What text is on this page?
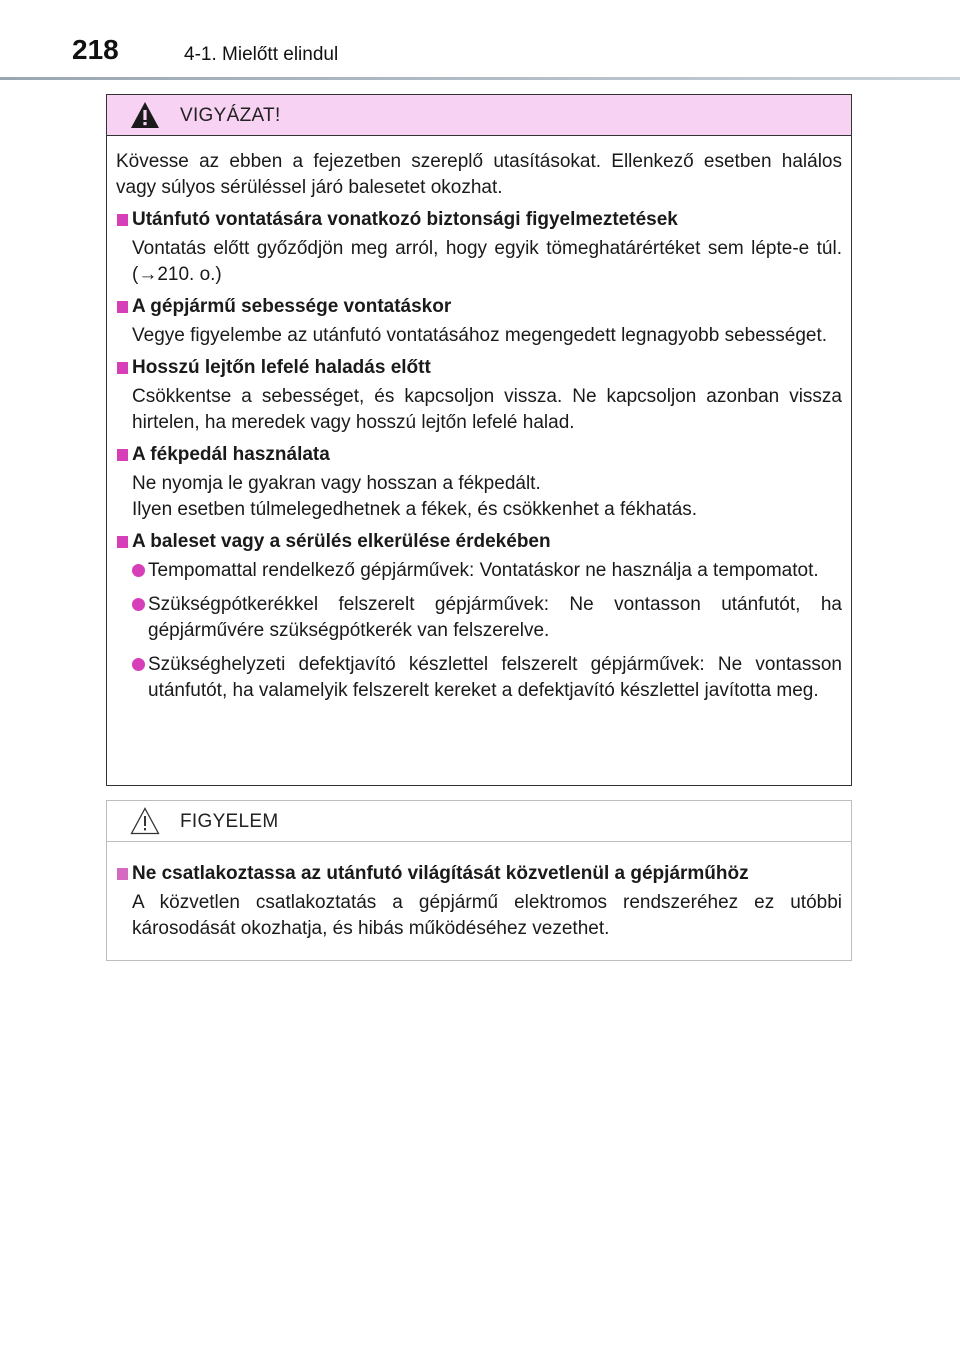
218	4-1. Mielőtt elindul
VIGYÁZAT!

Kövesse az ebben a fejezetben szereplő utasításokat. Ellenkező esetben halálos vagy súlyos sérüléssel járó balesetet okozhat.

Utánfutó vontatására vonatkozó biztonsági figyelmeztetések

Vontatás előtt győződjön meg arról, hogy egyik tömeghatárértéket sem lépte-e túl. (→210. o.)

A gépjármű sebessége vontatáskor

Vegye figyelembe az utánfutó vontatásához megengedett legnagyobb sebességet.

Hosszú lejtőn lefelé haladás előtt

Csökkentse a sebességet, és kapcsoljon vissza. Ne kapcsoljon azonban vissza hirtelen, ha meredek vagy hosszú lejtőn lefelé halad.

A fékpedál használata

Ne nyomja le gyakran vagy hosszan a fékpedált.
Ilyen esetben túlmelegedhetnek a fékek, és csökkenhet a fékhatás.

A baleset vagy a sérülés elkerülése érdekében
Tempomattal rendelkező gépjárművek: Vontatáskor ne használja a tempomatot.
Szükségpótkerékkel felszerelt gépjárművek: Ne vontasson utánfutót, ha gépjárművére szükségpótkerék van felszerelve.
Szükséghelyzeti defektjavító készlettel felszerelt gépjárművek: Ne vontasson utánfutót, ha valamelyik felszerelt kereket a defektjavító készlettel javította meg.
FIGYELEM
Ne csatlakoztassa az utánfutó világítását közvetlenül a gépjárműhöz

A közvetlen csatlakoztatás a gépjármű elektromos rendszeréhez ez utóbbi károsodását okozhatja, és hibás működéséhez vezethet.
